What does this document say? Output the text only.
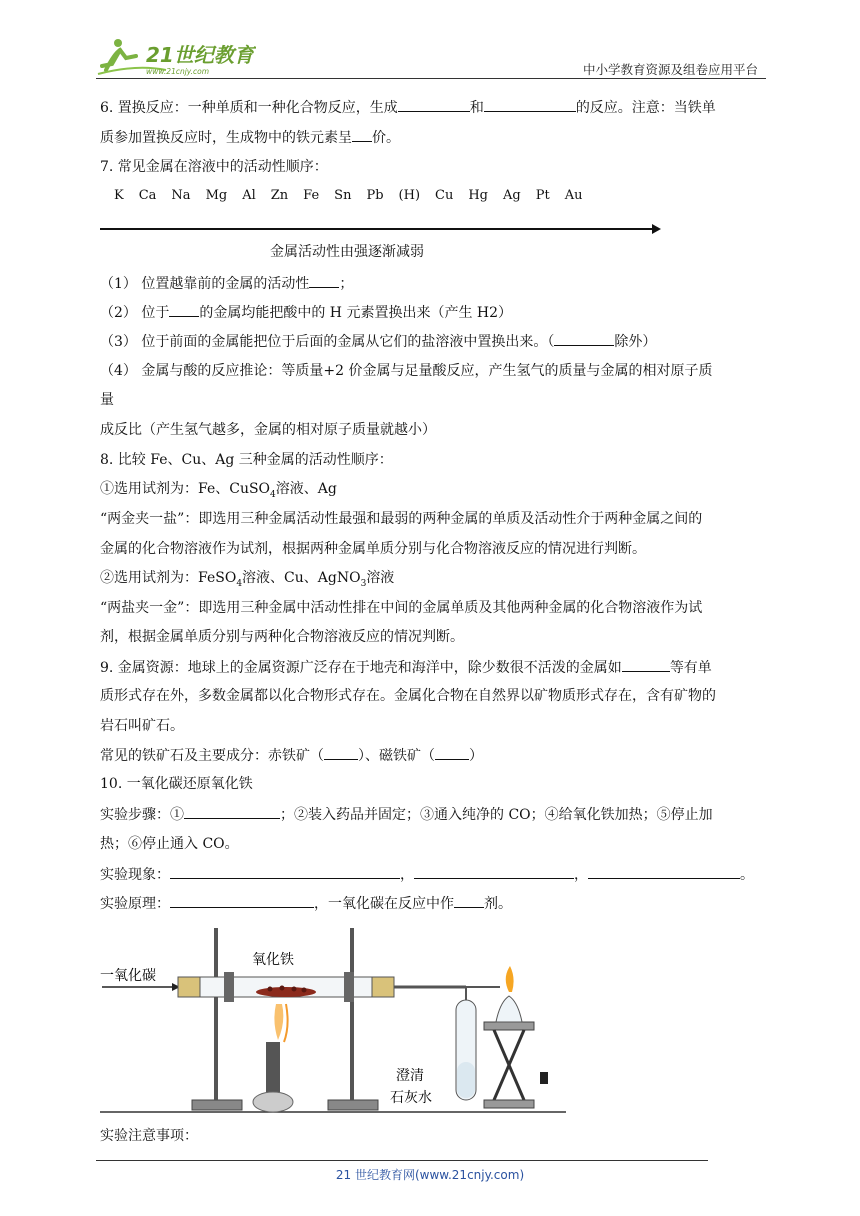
21世纪教育
www.21cnjy.com	中小学教育资源及组卷应用平台
6. 置换反应：一种单质和一种化合物反应，生成	和	的反应。注意：当铁单
质参加置换反应时，生成物中的铁元素呈 价。
7. 常见金属在溶液中的活动性顺序：
K Ca Na Mg Al Zn Fe Sn Pb (H) Cu Hg Ag Pt Au
金属活动性由强逐渐减弱
（1） 位置越靠前的金属的活动性 ；
（2） 位于 的金属均能把酸中的 H 元素置换出来（产生 H2）
（3） 位于前面的金属能把位于后面的金属从它们的盐溶液中置换出来。（	除外）
（4） 金属与酸的反应推论：等质量+2 价金属与足量酸反应，产生氢气的质量与金属的相对原子质
量
成反比（产生氢气越多，金属的相对原子质量就越小）
8. 比较 Fe、Cu、Ag 三种金属的活动性顺序：
①选用试剂为：Fe、CuSO$_4$溶液、Ag
“两金夹一盐”：即选用三种金属活动性最强和最弱的两种金属的单质及活动性介于两种金属之间的
金属的化合物溶液作为试剂，根据两种金属单质分别与化合物溶液反应的情况进行判断。
②选用试剂为：FeSO$_4$溶液、Cu、AgNO$_3$溶液
“两盐夹一金”：即选用三种金属中活动性排在中间的金属单质及其他两种金属的化合物溶液作为试
剂，根据金属单质分别与两种化合物溶液反应的情况判断。
9. 金属资源：地球上的金属资源广泛存在于地壳和海洋中，除少数很不活泼的金属如	等有单
质形式存在外，多数金属都以化合物形式存在。金属化合物在自然界以矿物质形式存在，含有矿物的
岩石叫矿石。
常见的铁矿石及主要成分：赤铁矿（ ）、磁铁矿（ ）
10. 一氧化碳还原氧化铁
实验步骤：①	；②装入药品并固定；③通入纯净的 CO；④给氧化铁加热；⑤停止加
热；⑥停止通入 CO。
实验现象：	，	，	。
实验原理：	，一氧化碳在反应中作 剂。
一氧化碳
氧化铁
澄清
石灰水
实验注意事项：
21 世纪教育网(www.21cnjy.com)
